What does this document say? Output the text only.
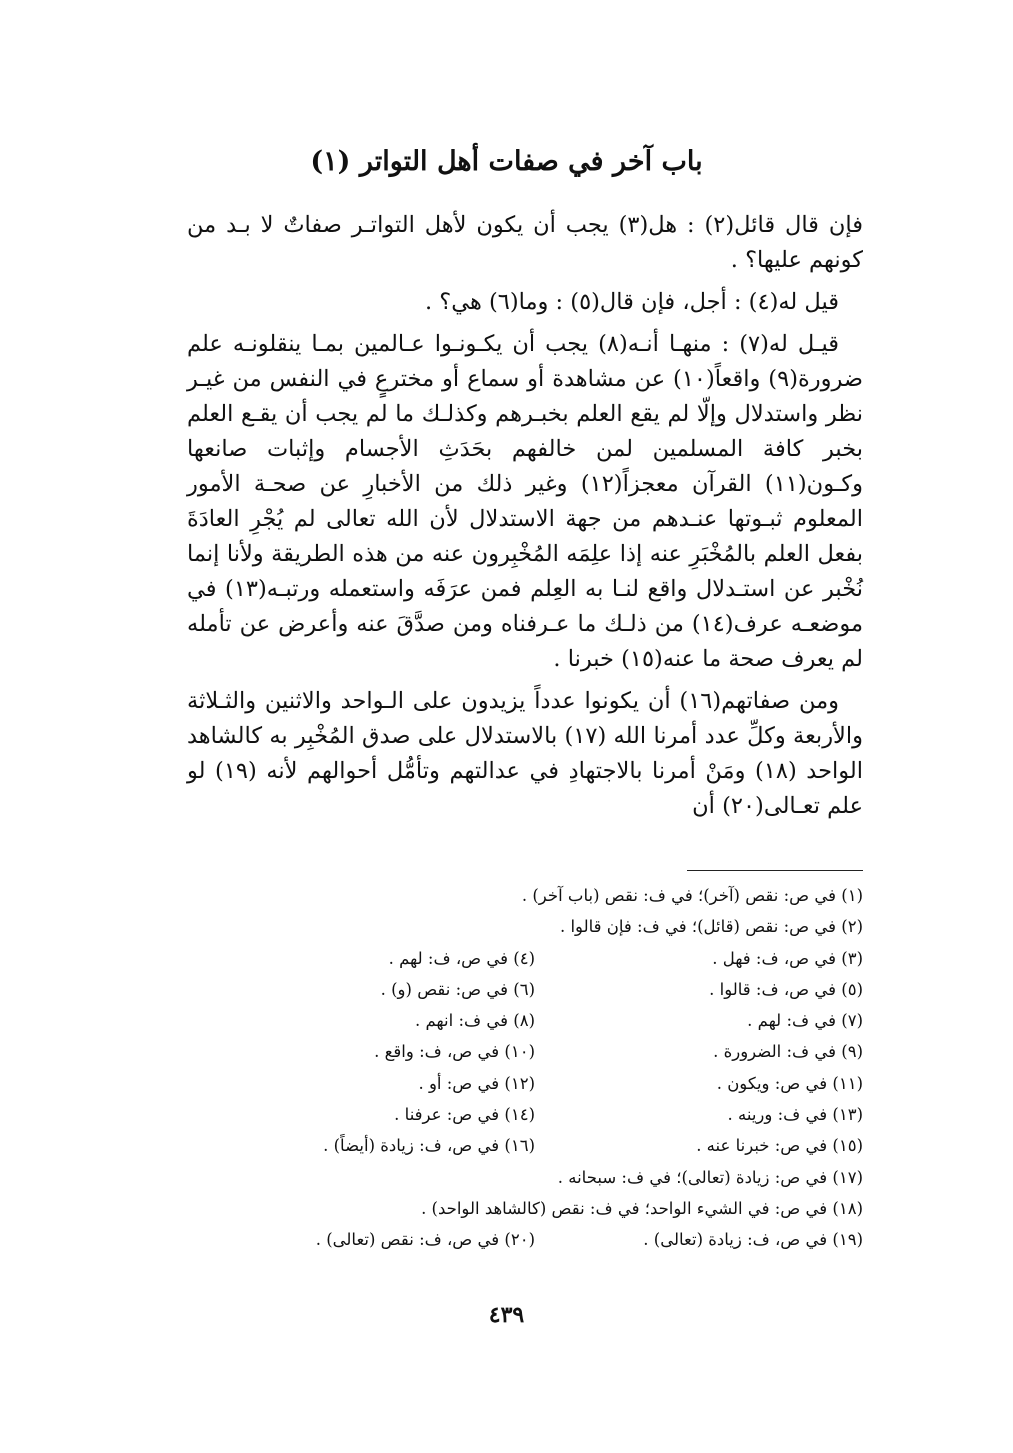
باب آخر في صفات أهل التواتر (١)

فإن قال قائل(٢) : هل(٣) يجب أن يكون لأهل التواتـر صفاتٌ لا بـد من كونهم عليها؟ .

قيل له(٤) : أجل، فإن قال(٥) : وما(٦) هي؟ .

قيـل له(٧) : منهـا أنـه(٨) يجب أن يكـونـوا عـالمين بمـا ينقلونـه علم ضرورة(٩) واقعاً(١٠) عن مشاهدة أو سماع أو مخترعٍ في النفس من غيـر نظر واستدلال وإلّا لم يقع العلم بخبـرهم وكذلـك ما لم يجب أن يقـع العلم بخبر كافة المسلمين لمن خالفهم بحَدَثِ الأجسام وإثبات صانعها وكـون(١١) القرآن معجزاً(١٢) وغير ذلك من الأخبارِ عن صحـة الأمور المعلوم ثبـوتها عنـدهم من جهة الاستدلال لأن الله تعالى لم يُجْرِ العادَةَ بفعل العلم بالمُخْبَرِ عنه إذا علِمَه المُخْبِرون عنه من هذه الطريقة ولأنا إنما نُخْبر عن استـدلال واقع لنـا به العِلم فمن عرَفَه واستعمله ورتبـه(١٣) في موضعـه عرف(١٤) من ذلـك ما عـرفناه ومن صدَّقَ عنه وأعرض عن تأمله لم يعرف صحة ما عنه(١٥) خبرنا .

ومن صفاتهم(١٦) أن يكونوا عدداً يزيدون على الـواحد والاثنين والثـلاثة والأربعة وكلِّ عدد أمرنا الله (١٧) بالاستدلال على صدق المُخْبِر به كالشاهد الواحد (١٨) ومَنْ أمرنا بالاجتهادِ في عدالتهم وتأمُّل أحوالهم لأنه (١٩) لو علم تعـالى(٢٠) أن

(١) في ص: نقص (آخر)؛ في ف: نقص (باب آخر) .
(٢) في ص: نقص (قائل)؛ في ف: فإن قالوا .
(٣) في ص، ف: فهل .
(٤) في ص، ف: لهم .
(٥) في ص، ف: قالوا .
(٦) في ص: نقص (و) .
(٧) في ف: لهم .
(٨) في ف: انهم .
(٩) في ف: الضرورة .
(١٠) في ص، ف: واقع .
(١١) في ص: ويكون .
(١٢) في ص: أو .
(١٣) في ف: ورينه .
(١٤) في ص: عرفنا .
(١٥) في ص: خبرنا عنه .
(١٦) في ص، ف: زيادة (أيضاً) .
(١٧) في ص: زيادة (تعالى)؛ في ف: سبحانه .
(١٨) في ص: في الشيء الواحد؛ في ف: نقص (كالشاهد الواحد) .
(١٩) في ص، ف: زيادة (تعالى) .
(٢٠) في ص، ف: نقص (تعالى) .
٤٣٩
